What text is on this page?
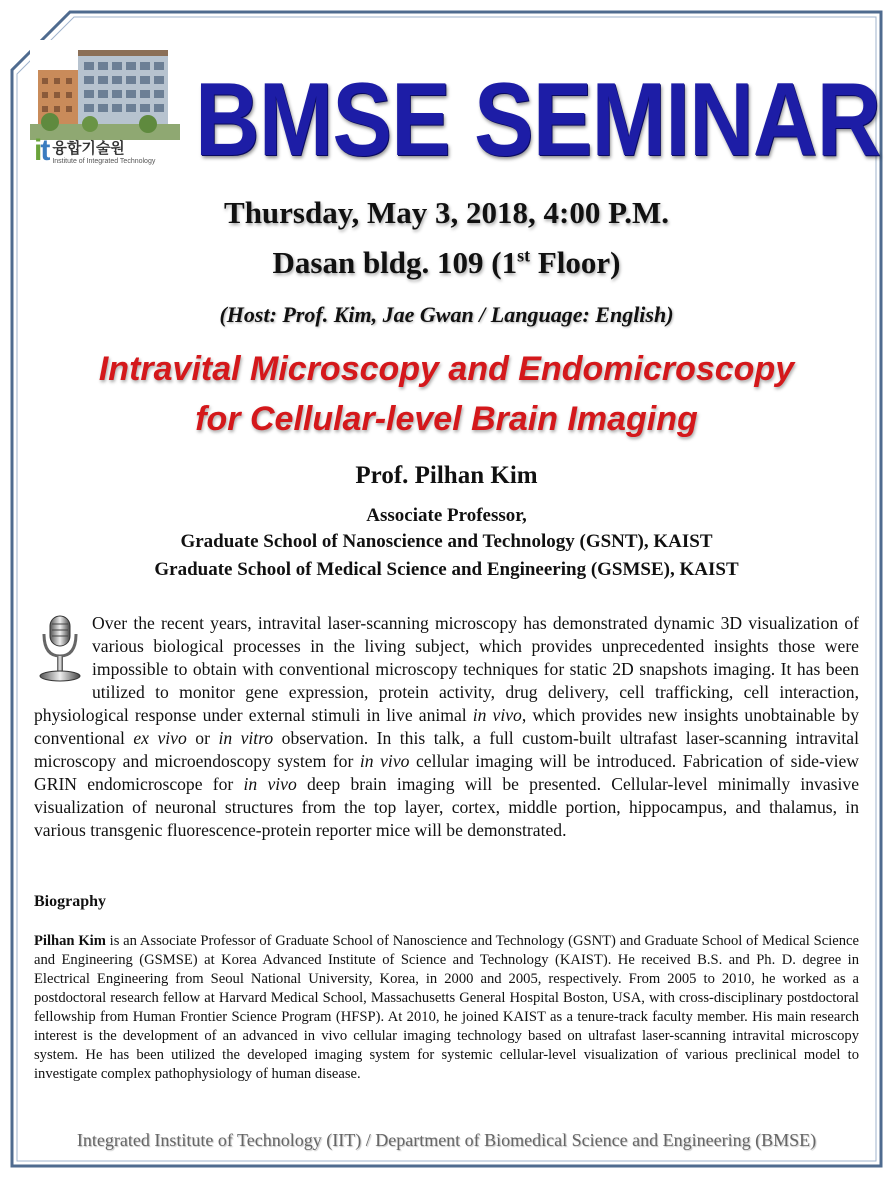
it 융합기술원
Institute of Integrated Technology BMSE SEMINAR
Thursday, May 3, 2018, 4:00 P.M.
Dasan bldg. 109 (1st Floor)
(Host: Prof. Kim, Jae Gwan / Language: English)
Intravital Microscopy and Endomicroscopy
for Cellular-level Brain Imaging
Prof. Pilhan Kim
Associate Professor,
Graduate School of Nanoscience and Technology (GSNT), KAIST
Graduate School of Medical Science and Engineering (GSMSE), KAIST
Over the recent years, intravital laser-scanning microscopy has demonstrated dynamic 3D visualization of various biological processes in the living subject, which provides unprecedented insights those were impossible to obtain with conventional microscopy techniques for static 2D snapshots imaging. It has been utilized to monitor gene expression, protein activity, drug delivery, cell trafficking, cell interaction, physiological response under external stimuli in live animal in vivo, which provides new insights unobtainable by conventional ex vivo or in vitro observation. In this talk, a full custom-built ultrafast laser-scanning intravital microscopy and microendoscopy system for in vivo cellular imaging will be introduced. Fabrication of side-view GRIN endomicroscope for in vivo deep brain imaging will be presented. Cellular-level minimally invasive visualization of neuronal structures from the top layer, cortex, middle portion, hippocampus, and thalamus, in various transgenic fluorescence-protein reporter mice will be demonstrated.
Biography
Pilhan Kim is an Associate Professor of Graduate School of Nanoscience and Technology (GSNT) and Graduate School of Medical Science and Engineering (GSMSE) at Korea Advanced Institute of Science and Technology (KAIST). He received B.S. and Ph. D. degree in Electrical Engineering from Seoul National University, Korea, in 2000 and 2005, respectively. From 2005 to 2010, he worked as a postdoctoral research fellow at Harvard Medical School, Massachusetts General Hospital Boston, USA, with cross-disciplinary postdoctoral fellowship from Human Frontier Science Program (HFSP). At 2010, he joined KAIST as a tenure-track faculty member. His main research interest is the development of an advanced in vivo cellular imaging technology based on ultrafast laser-scanning intravital microscopy system. He has been utilized the developed imaging system for systemic cellular-level visualization of various preclinical model to investigate complex pathophysiology of human disease.
Integrated Institute of Technology (IIT) / Department of Biomedical Science and Engineering (BMSE)
